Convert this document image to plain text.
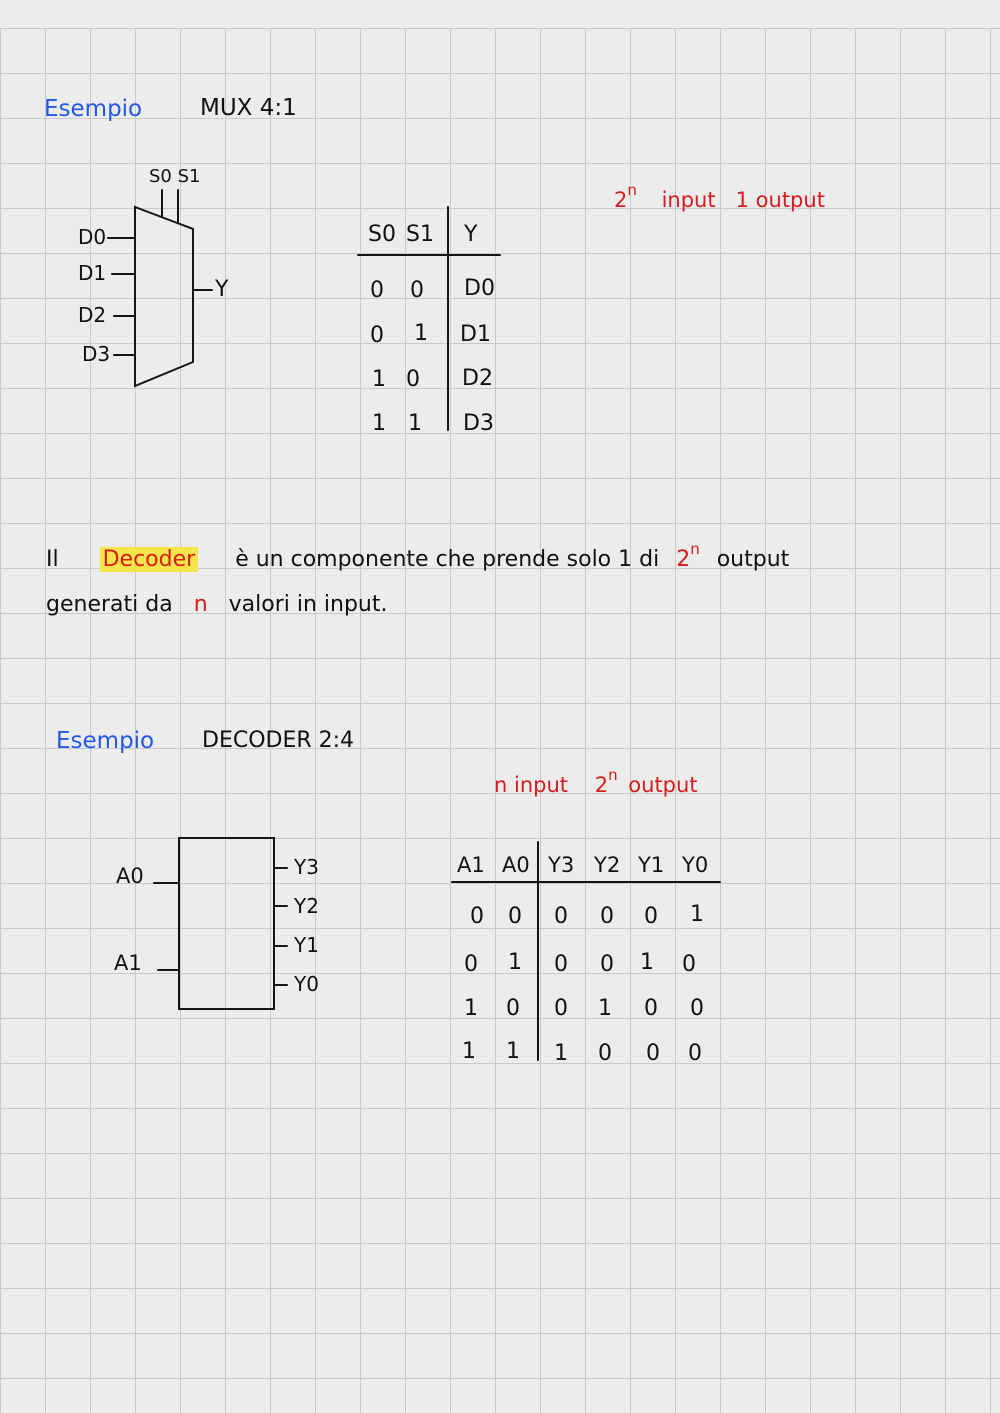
Esempio	MUX 4:1
S0 S1
D0
D1
D2
D3
Y
S0 S1 Y
0 0 D0
0 1 D1
1 0 D2
1 1 D3
2$^n$ input   1 output
Il Decoder è un componente che prende solo 1 di 2$^n$ output
generati da n valori in input.
Esempio DECODER 2:4
n input 2$^n$ output
A0
A1
Y3
Y2
Y1
Y0
A1 A0 Y3 Y2 Y1 Y0
0 0 0 0 0 1
0 1 0 0 1 0
1 0 0 1 0 0
1 1 1 0 0 0
